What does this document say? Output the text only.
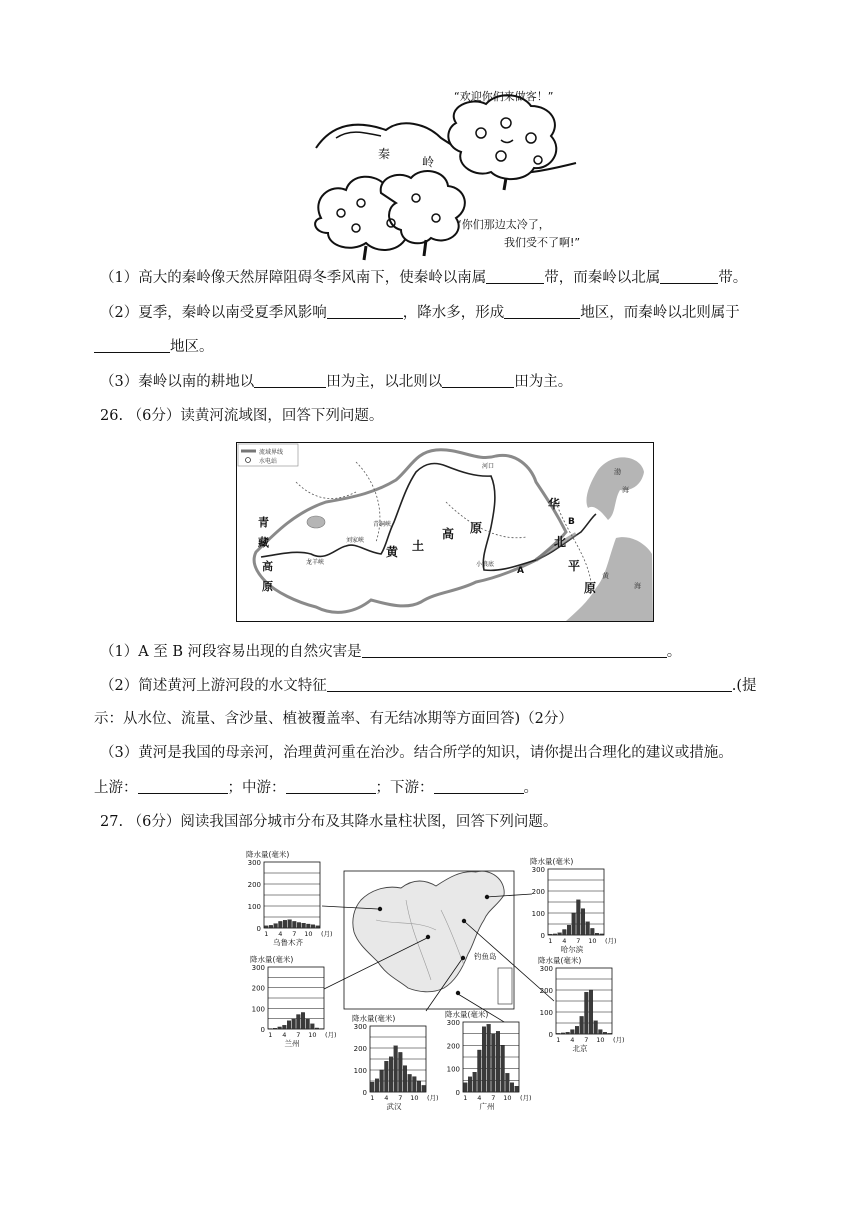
“欢迎你们来做客！”
秦
岭
“你们那边太冷了，
我们受不了啊!”
（1）高大的秦岭像天然屏障阻碍冬季风南下，使秦岭以南属	带，而秦岭以北属	带。
（2）夏季，秦岭以南受夏季风影响	，降水多，形成	地区，而秦岭以北则属于
地区。
（3）秦岭以南的耕地以	田为主，以北则以	田为主。
26. （6分）读黄河流域图，回答下列问题。
流域界线
水电站
青
藏
高
原
黄 土
高 原
华
北
平
原
渤
海
黄
海
河口
A
B
青铜峡
龙羊峡
刘家峡
小浪底
（1）A 至 B 河段容易出现的自然灾害是	。
（2）简述黄河上游河段的水文特征	.(提
示：从水位、流量、含沙量、植被覆盖率、有无结冰期等方面回答)（2分）
（3）黄河是我国的母亲河，治理黄河重在治沙。结合所学的知识，请你提出合理化的建议或措施。
上游：	；中游：	；下游：	。
27. （6分）阅读我国部分城市分布及其降水量柱状图，回答下列问题。
钓鱼岛
0
100
200
300
1 4 7 10 (月)
降水量(毫米)
乌鲁木齐
0
100
200
300
1 4 7 10 (月)
降水量(毫米)
兰州
0
100
200
300
1 4 7 10 (月)
降水量(毫米)
武汉
0
100
200
300
1 4 7 10 (月)
降水量(毫米)
广州
0
100
200
300
1 4 7 10 (月)
降水量(毫米)
哈尔滨
0
100
200
300
1 4 7 10 (月)
降水量(毫米)
北京
